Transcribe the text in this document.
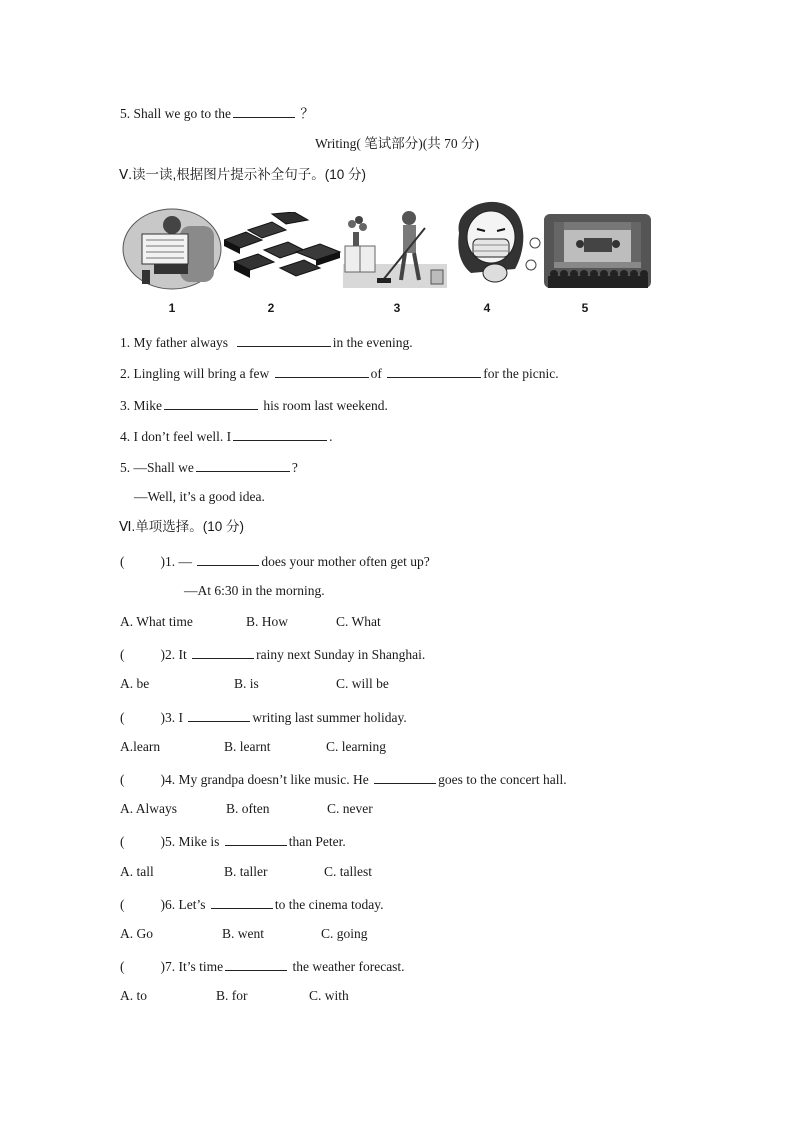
5. Shall we go to the	？
Writing( 笔试部分)(共 70 分)
Ⅴ.读一读,根据图片提示补全句子。(10 分)
1	2	3	4	5
1. My father always	in the evening.
2. Lingling will bring a few	of	for the picnic.
3. Mike	his room last weekend.
4. I don’t feel well. I	.
5. —Shall we	?
—Well, it’s a good idea.
Ⅵ.单项选择。(10 分)
(	)1. —	does your mother often get up?
—At 6:30 in the morning.
A. What time	B. How	C. What
(	)2. It	rainy next Sunday in Shanghai.
A. be	B. is	C. will be
(	)3. I	writing last summer holiday.
A.learn	B. learnt	C. learning
(	)4. My grandpa doesn’t like music. He	goes to the concert hall.
A. Always	B. often	C. never
(	)5. Mike is	than Peter.
A. tall	B. taller	C. tallest
(	)6. Let’s	to the cinema today.
A. Go	B. went	C. going
(	)7. It’s time	the weather forecast.
A. to	B. for	C. with
